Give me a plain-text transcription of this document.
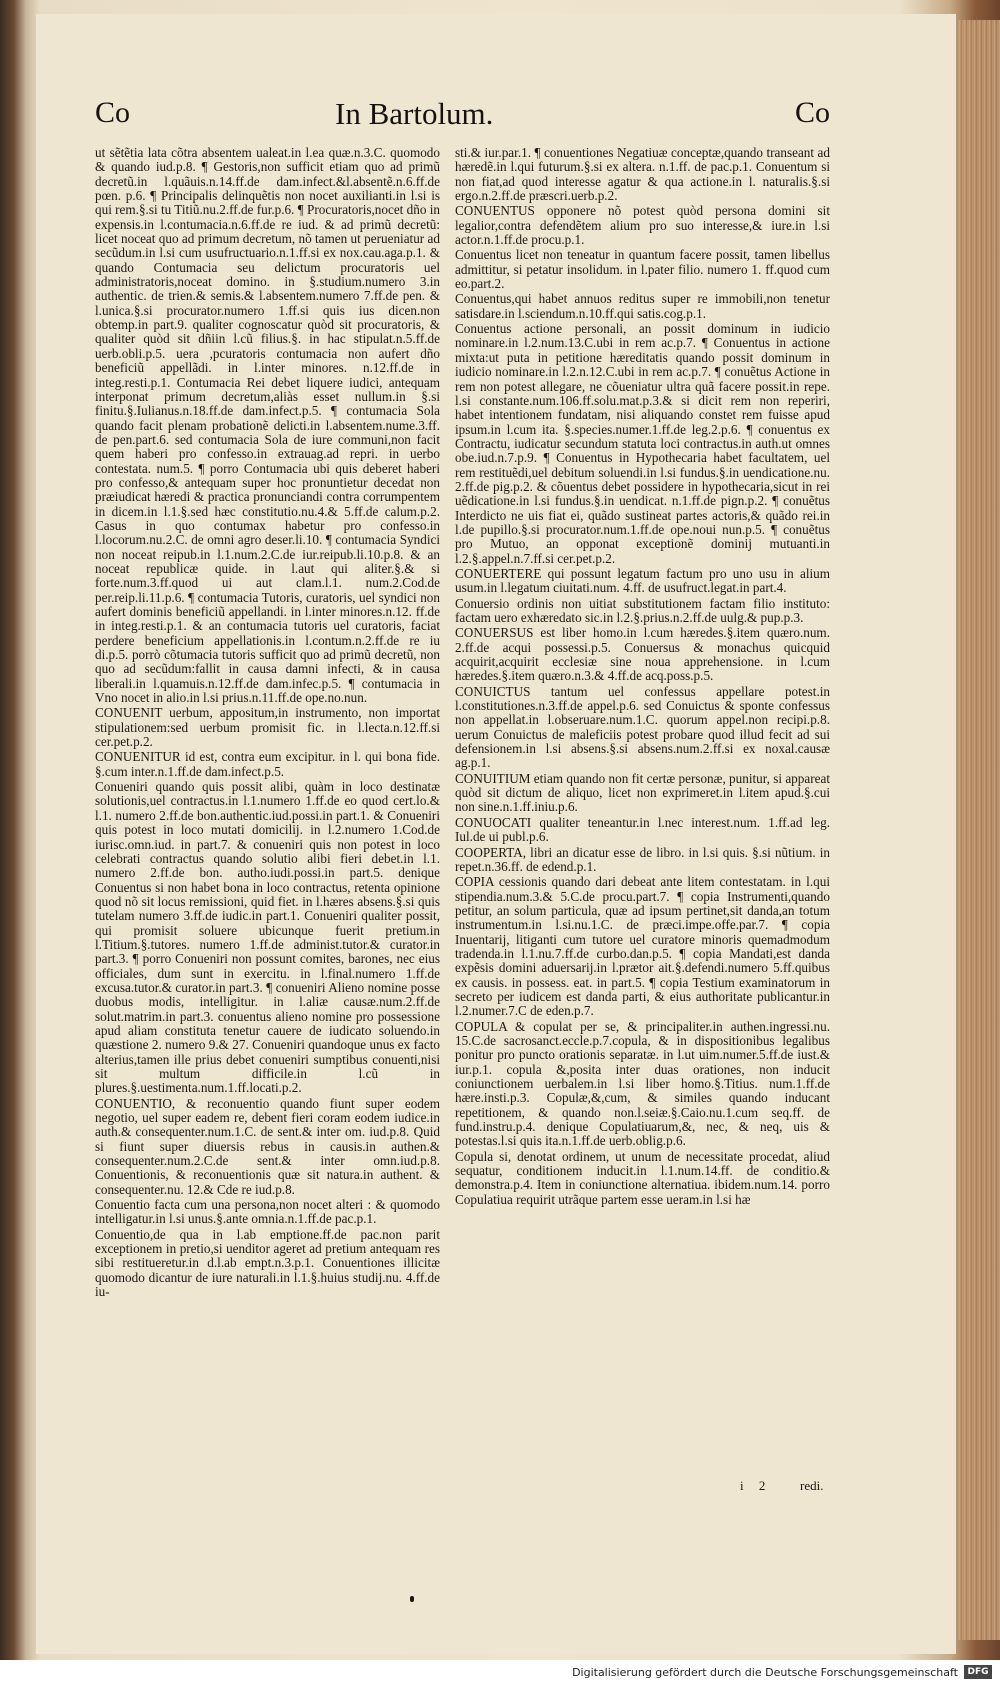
Co	In Bartolum.	Co

ut sẽtẽtia lata cõtra absentem ualeat.in l.ea quæ.n.3.C. quomodo & quando iud.p.8. ¶ Gestoris,non sufficit etiam quo ad primũ decretũ.in l.quãuis.n.14.ff.de dam.infect.&l.absentẽ.n.6.ff.de pœn. p.6. ¶ Principalis delinquẽtis non nocet auxilianti.in l.si is qui rem.§.si tu Titiũ.nu.2.ff.de fur.p.6. ¶ Procuratoris,nocet dño in expensis.in l.contumacia.n.6.ff.de re iud. & ad primũ decretũ: licet noceat quo ad primum decretum, nõ tamen ut perueniatur ad secũdum.in l.si cum usufructuario.n.1.ff.si ex nox.cau.aga.p.1. & quando Contumacia seu delictum procuratoris uel administratoris,noceat domino. in §.studium.numero 3.in authentic. de trien.& semis.& l.absentem.numero 7.ff.de pen. & l.unica.§.si procurator.numero 1.ff.si quis ius dicen.non obtemp.in part.9. qualiter cognoscatur quòd sit procuratoris, & qualiter quòd sit dñiin l.cũ filius.§. in hac stipulat.n.5.ff.de uerb.obli.p.5. uera ,pcuratoris contumacia non aufert dño beneficiũ appellãdi. in l.inter minores. n.12.ff.de in integ.resti.p.1. Contumacia Rei debet liquere iudici, antequam interponat primum decretum,aliàs esset nullum.in §.si finitu.§.Iulianus.n.18.ff.de dam.infect.p.5. ¶ contumacia Sola quando facit plenam probationẽ delicti.in l.absentem.nume.3.ff. de pen.part.6. sed contumacia Sola de iure communi,non facit quem haberi pro confesso.in extrauag.ad repri. in uerbo contestata. num.5. ¶ porro Contumacia ubi quis deberet haberi pro confesso,& antequam super hoc pronuntietur decedat non præiudicat hæredi & practica pronunciandi contra corrumpentem in dicem.in l.1.§.sed hæc constitutio.nu.4.& 5.ff.de calum.p.2. Casus in quo contumax habetur pro confesso.in l.locorum.nu.2.C. de omni agro deser.li.10. ¶ contumacia Syndici non noceat reipub.in l.1.num.2.C.de iur.reipub.li.10.p.8. & an noceat republicæ quide. in l.aut qui aliter.§.& si forte.num.3.ff.quod ui aut clam.l.1. num.2.Cod.de per.reip.li.11.p.6. ¶ contumacia Tutoris, curatoris, uel syndici non aufert dominis beneficiũ appellandi. in l.inter minores.n.12. ff.de in integ.resti.p.1. & an contumacia tutoris uel curatoris, faciat perdere beneficium appellationis.in l.contum.n.2.ff.de re iu di.p.5. porrò cõtumacia tutoris sufficit quo ad primũ decretũ, non quo ad secũdum:fallit in causa damni infecti, & in causa liberali.in l.quamuis.n.12.ff.de dam.infec.p.5. ¶ contumacia in Vno nocet in alio.in l.si prius.n.11.ff.de ope.no.nun.

CONUENIT uerbum, appositum,in instrumento, non importat stipulationem:sed uerbum promisit fic. in l.lecta.n.12.ff.si cer.pet.p.2.

CONUENITUR id est, contra eum excipitur. in l. qui bona fide. §.cum inter.n.1.ff.de dam.infect.p.5.

Conueniri quando quis possit alibi, quàm in loco destinatæ solutionis,uel contractus.in l.1.numero 1.ff.de eo quod cert.lo.& l.1. numero 2.ff.de bon.authentic.iud.possi.in part.1. & Conueniri quis potest in loco mutati domicilij. in l.2.numero 1.Cod.de iurisc.omn.iud. in part.7. & conueniri quis non potest in loco celebrati contractus quando solutio alibi fieri debet.in l.1. numero 2.ff.de bon. autho.iudi.possi.in part.5. denique Conuentus si non habet bona in loco contractus, retenta opinione quod nõ sit locus remissioni, quid fiet. in l.hæres absens.§.si quis tutelam numero 3.ff.de iudic.in part.1. Conueniri qualiter possit, qui promisit soluere ubicunque fuerit pretium.in l.Titium.§.tutores. numero 1.ff.de administ.tutor.& curator.in part.3. ¶ porro Conueniri non possunt comites, barones, nec eius officiales, dum sunt in exercitu. in l.final.numero 1.ff.de excusa.tutor.& curator.in part.3. ¶ conueniri Alieno nomine posse duobus modis, intelligitur. in l.aliæ causæ.num.2.ff.de solut.matrim.in part.3. conuentus alieno nomine pro possessione apud aliam constituta tenetur cauere de iudicato soluendo.in quæstione 2. numero 9.& 27. Conueniri quandoque unus ex facto alterius,tamen ille prius debet conueniri sumptibus conuenti,nisi sit multum difficile.in l.cũ in plures.§.uestimenta.num.1.ff.locati.p.2.

CONUENTIO, & reconuentio quando fiunt super eodem negotio, uel super eadem re, debent fieri coram eodem iudice.in auth.& consequenter.num.1.C. de sent.& inter om. iud.p.8. Quid si fiunt super diuersis rebus in causis.in authen.& consequenter.num.2.C.de sent.& inter omn.iud.p.8. Conuentionis, & reconuentionis quæ sit natura.in authent. & consequenter.nu. 12.& Cde re iud.p.8.

Conuentio facta cum una persona,non nocet alteri : & quomodo intelligatur.in l.si unus.§.ante omnia.n.1.ff.de pac.p.1.

Conuentio,de qua in l.ab emptione.ff.de pac.non parit exceptionem in pretio,si uenditor ageret ad pretium antequam res sibi restitueretur.in d.l.ab empt.n.3.p.1. Conuentiones illicitæ quomodo dicantur de iure naturali.in l.1.§.huius studij.nu. 4.ff.de iu-

sti.& iur.par.1. ¶ conuentiones Negatiuæ conceptæ,quando transeant ad hæredẽ.in l.qui futurum.§.si ex altera. n.1.ff. de pac.p.1. Conuentum si non fiat,ad quod interesse agatur & qua actione.in l. naturalis.§.si ergo.n.2.ff.de præscri.uerb.p.2.

CONUENTUS opponere nõ potest quòd persona domini sit legalior,contra defendẽtem alium pro suo interesse,& iure.in l.si actor.n.1.ff.de procu.p.1.

Conuentus licet non teneatur in quantum facere possit, tamen libellus admittitur, si petatur insolidum. in l.pater filio. numero 1. ff.quod cum eo.part.2.

Conuentus,qui habet annuos reditus super re immobili,non tenetur satisdare.in l.sciendum.n.10.ff.qui satis.cog.p.1.

Conuentus actione personali, an possit dominum in iudicio nominare.in l.2.num.13.C.ubi in rem ac.p.7. ¶ Conuentus in actione mixta:ut puta in petitione hæreditatis quando possit dominum in iudicio nominare.in l.2.n.12.C.ubi in rem ac.p.7. ¶ conuẽtus Actione in rem non potest allegare, ne cõueniatur ultra quã facere possit.in repe. l.si constante.num.106.ff.solu.mat.p.3.& si dicit rem non reperiri, habet intentionem fundatam, nisi aliquando constet rem fuisse apud ipsum.in l.cum ita. §.species.numer.1.ff.de leg.2.p.6. ¶ conuentus ex Contractu, iudicatur secundum statuta loci contractus.in auth.ut omnes obe.iud.n.7.p.9. ¶ Conuentus in Hypothecaria habet facultatem, uel rem restituẽdi,uel debitum soluendi.in l.si fundus.§.in uendicatione.nu. 2.ff.de pig.p.2. & cõuentus debet possidere in hypothecaria,sicut in rei uẽdicatione.in l.si fundus.§.in uendicat. n.1.ff.de pign.p.2. ¶ conuẽtus Interdicto ne uis fiat ei, quãdo sustineat partes actoris,& quãdo rei.in l.de pupillo.§.si procurator.num.1.ff.de ope.noui nun.p.5. ¶ conuẽtus pro Mutuo, an opponat exceptionẽ dominij mutuanti.in l.2.§.appel.n.7.ff.si cer.pet.p.2.

CONUERTERE qui possunt legatum factum pro uno usu in alium usum.in l.legatum ciuitati.num. 4.ff. de usufruct.legat.in part.4.

Conuersio ordinis non uitiat substitutionem factam filio instituto: factam uero exhæredato sic.in l.2.§.prius.n.2.ff.de uulg.& pup.p.3.

CONUERSUS est liber homo.in l.cum hæredes.§.item quæro.num. 2.ff.de acqui possessi.p.5. Conuersus & monachus quicquid acquirit,acquirit ecclesiæ sine noua apprehensione. in l.cum hæredes.§.item quæro.n.3.& 4.ff.de acq.poss.p.5.

CONUICTUS tantum uel confessus appellare potest.in l.constitutiones.n.3.ff.de appel.p.6. sed Conuictus & sponte confessus non appellat.in l.obseruare.num.1.C. quorum appel.non recipi.p.8. uerum Conuictus de maleficiis potest probare quod illud fecit ad sui defensionem.in l.si absens.§.si absens.num.2.ff.si ex noxal.causæ ag.p.1.

CONUITIUM etiam quando non fit certæ personæ, punitur, si appareat quòd sit dictum de aliquo, licet non exprimeret.in l.item apud.§.cui non sine.n.1.ff.iniu.p.6.

CONUOCATI qualiter teneantur.in l.nec interest.num. 1.ff.ad leg. Iul.de ui publ.p.6.

COOPERTA, libri an dicatur esse de libro. in l.si quis. §.si nũtium. in repet.n.36.ff. de edend.p.1.

COPIA cessionis quando dari debeat ante litem contestatam. in l.qui stipendia.num.3.& 5.C.de procu.part.7. ¶ copia Instrumenti,quando petitur, an solum particula, quæ ad ipsum pertinet,sit danda,an totum instrumentum.in l.si.nu.1.C. de præci.impe.offe.par.7. ¶ copia Inuentarij, litiganti cum tutore uel curatore minoris quemadmodum tradenda.in l.1.nu.7.ff.de curbo.dan.p.5. ¶ copia Mandati,est danda expẽsis domini aduersarij.in l.prætor ait.§.defendi.numero 5.ff.quibus ex causis. in possess. eat. in part.5. ¶ copia Testium examinatorum in secreto per iudicem est danda parti, & eius authoritate publicantur.in l.2.numer.7.C de eden.p.7.

COPULA & copulat per se, & principaliter.in authen.ingressi.nu. 15.C.de sacrosanct.eccle.p.7.copula, & in dispositionibus legalibus ponitur pro puncto orationis separatæ. in l.ut uim.numer.5.ff.de iust.& iur.p.1. copula &,posita inter duas orationes, non inducit coniunctionem uerbalem.in l.si liber homo.§.Titius. num.1.ff.de hære.insti.p.3. Copulæ,&,cum, & similes quando inducant repetitionem, & quando non.l.seiæ.§.Caio.nu.1.cum seq.ff. de fund.instru.p.4. denique Copulatiuarum,&, nec, & neq, uis & potestas.l.si quis ita.n.1.ff.de uerb.oblig.p.6.

Copula si, denotat ordinem, ut unum de necessitate procedat, aliud sequatur, conditionem inducit.in l.1.num.14.ff. de conditio.& demonstra.p.4. Item in coniunctione alternatiua. ibidem.num.14. porro Copulatiua requirit utrãque partem esse ueram.in l.si hæ

i 2 redi.
Digitalisierung gefördert durch die Deutsche Forschungsgemeinschaft	DFG
